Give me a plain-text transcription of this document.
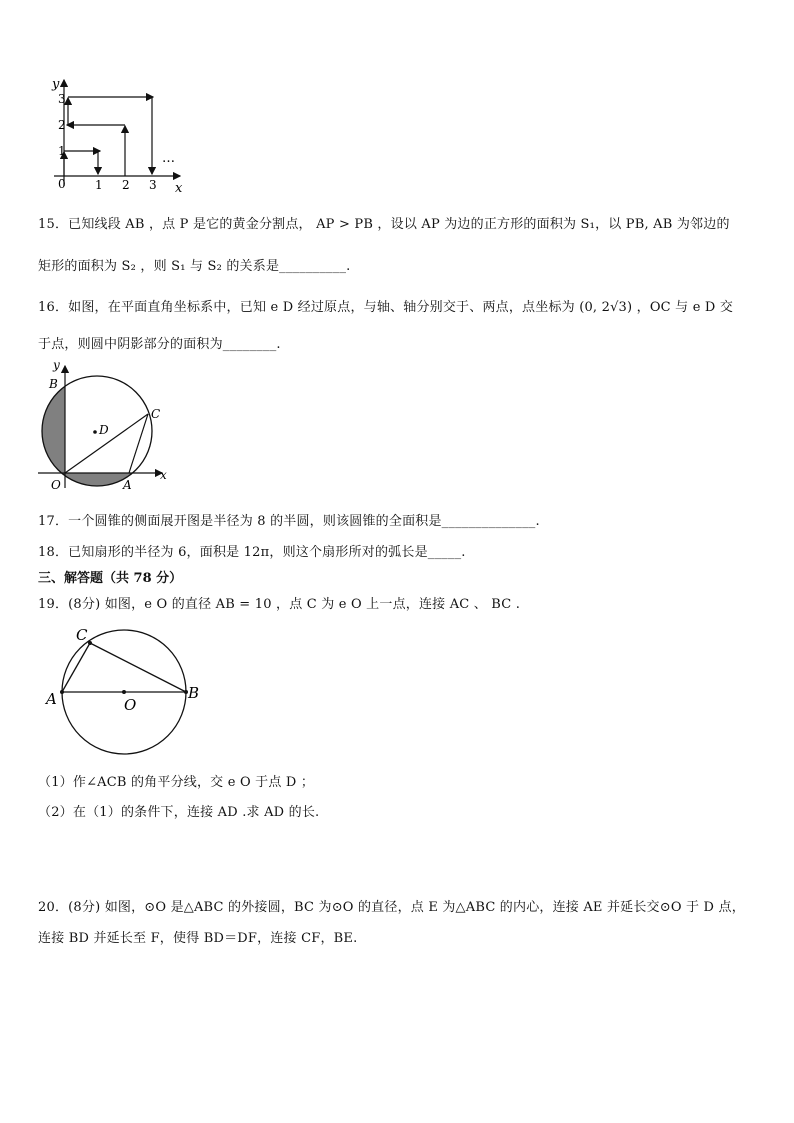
y
x
0
1
2
3
1 2 3
…
15．已知线段 AB ，点 P 是它的黄金分割点， AP > PB ，设以 AP 为边的正方形的面积为 S₁，以 PB, AB 为邻边的
矩形的面积为 S₂ ，则 S₁ 与 S₂ 的关系是__________.
16．如图，在平面直角坐标系中，已知 e D 经过原点，与轴、轴分别交于、两点，点坐标为 (0, 2√3) ，OC 与 e D 交
于点，则圆中阴影部分的面积为________.
y
x
B
C
D
O	A
17．一个圆锥的侧面展开图是半径为 8 的半圆，则该圆锥的全面积是______________.
18．已知扇形的半径为 6，面积是 12π，则这个扇形所对的弧长是_____.
三、解答题（共 78 分）
19．(8分) 如图，e O 的直径 AB = 10 ，点 C 为 e O 上一点，连接 AC 、 BC .
C
A	O
B
（1）作∠ACB 的角平分线，交 e O 于点 D ；
（2）在（1）的条件下，连接 AD .求 AD 的长.
20．(8分) 如图，⊙O 是△ABC 的外接圆，BC 为⊙O 的直径，点 E 为△ABC 的内心，连接 AE 并延长交⊙O 于 D 点，
连接 BD 并延长至 F，使得 BD＝DF，连接 CF，BE.
